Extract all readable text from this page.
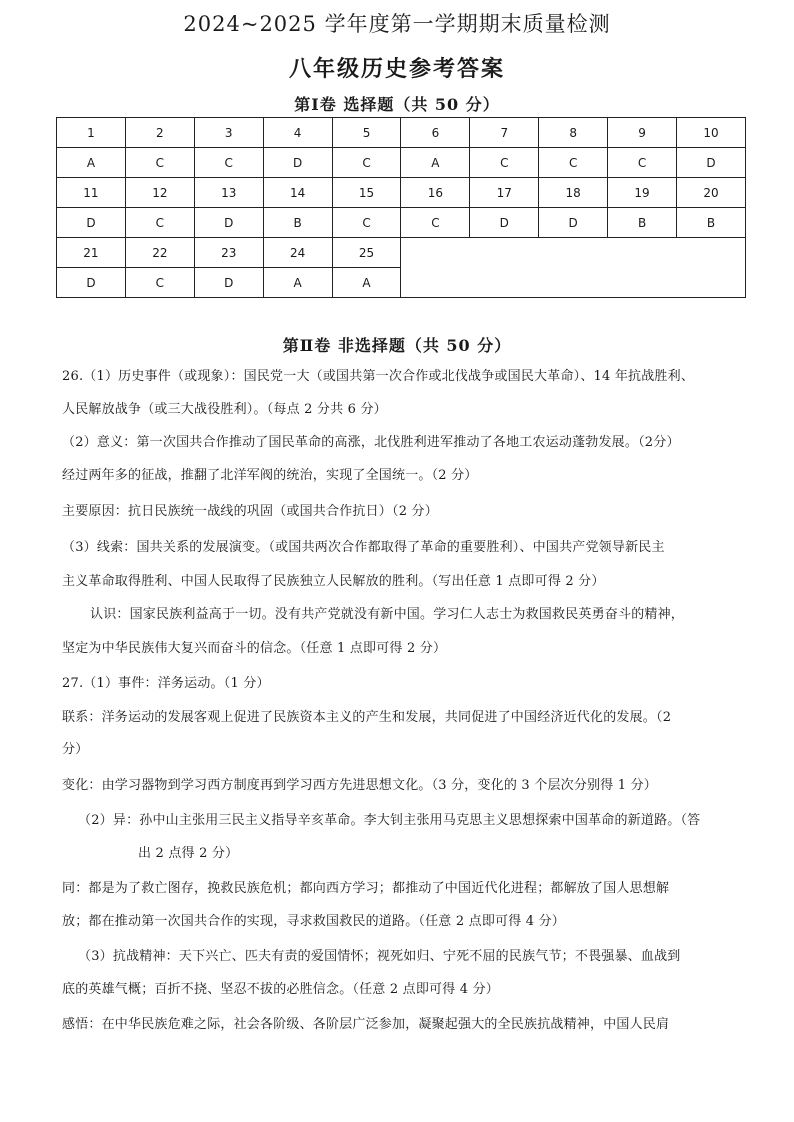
2024~2025 学年度第一学期期末质量检测
八年级历史参考答案
第Ⅰ卷 选择题（共 50 分）
1	2	3	4	5	6	7	8	9	10
A	C	C	D	C	A	C	C	C	D
11	12	13	14	15	16	17	18	19	20
D	C	D	B	C	C	D	D	B	B
21	22	23	24	25					
D	C	D	A	A					
第Ⅱ卷 非选择题（共 50 分）
26.（1）历史事件（或现象）：国民党一大（或国共第一次合作或北伐战争或国民大革命）、14 年抗战胜利、
人民解放战争（或三大战役胜利）。（每点 2 分共 6 分）
（2）意义：第一次国共合作推动了国民革命的高涨，北伐胜利进军推动了各地工农运动蓬勃发展。（2分）
经过两年多的征战，推翻了北洋军阀的统治，实现了全国统一。（2 分）
主要原因：抗日民族统一战线的巩固（或国共合作抗日）（2 分）
（3）线索：国共关系的发展演变。（或国共两次合作都取得了革命的重要胜利）、中国共产党领导新民主
主义革命取得胜利、中国人民取得了民族独立人民解放的胜利。（写出任意 1 点即可得 2 分）
认识：国家民族利益高于一切。没有共产党就没有新中国。学习仁人志士为救国救民英勇奋斗的精神，
坚定为中华民族伟大复兴而奋斗的信念。（任意 1 点即可得 2 分）
27.（1）事件：洋务运动。（1 分）
联系：洋务运动的发展客观上促进了民族资本主义的产生和发展，共同促进了中国经济近代化的发展。（2
分）
变化：由学习器物到学习西方制度再到学习西方先进思想文化。（3 分，变化的 3 个层次分别得 1 分）
（2）异：孙中山主张用三民主义指导辛亥革命。李大钊主张用马克思主义思想探索中国革命的新道路。（答
出 2 点得 2 分）
同：都是为了救亡图存，挽救民族危机；都向西方学习；都推动了中国近代化进程；都解放了国人思想解
放；都在推动第一次国共合作的实现，寻求救国救民的道路。（任意 2 点即可得 4 分）
（3）抗战精神：天下兴亡、匹夫有责的爱国情怀；视死如归、宁死不屈的民族气节；不畏强暴、血战到
底的英雄气概；百折不挠、坚忍不拔的必胜信念。（任意 2 点即可得 4 分）
感悟：在中华民族危难之际，社会各阶级、各阶层广泛参加，凝聚起强大的全民族抗战精神，中国人民肩
